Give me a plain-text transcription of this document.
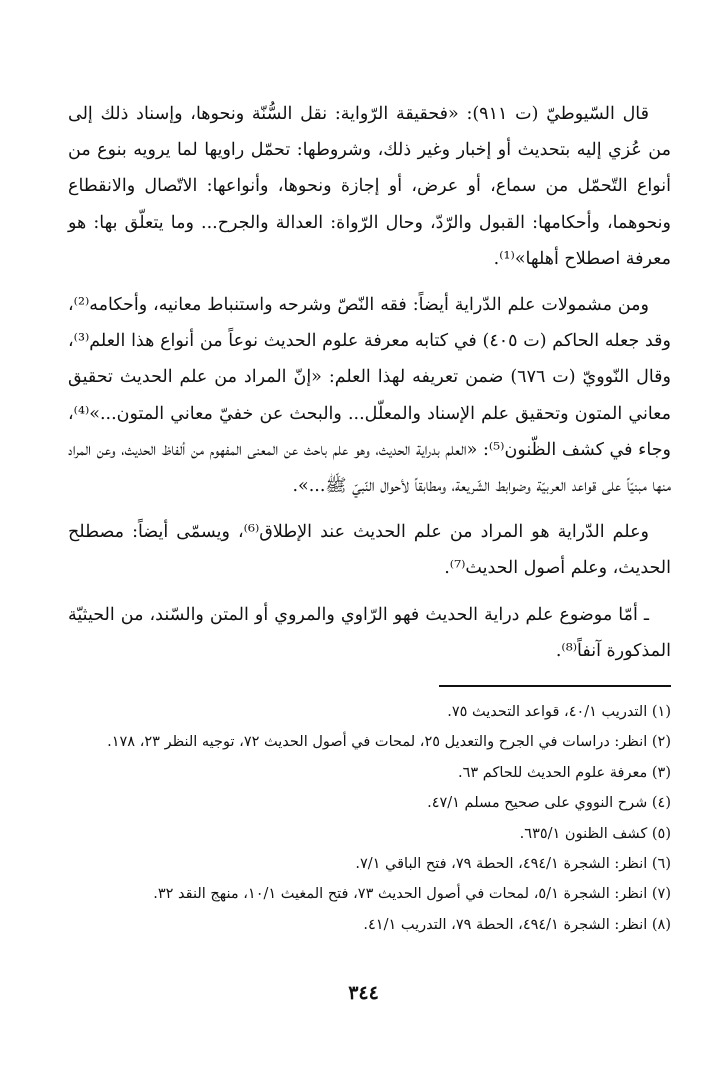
قال السّيوطيّ (ت ٩١١): «فحقيقة الرّواية: نقل السُّنّة ونحوها، وإسناد ذلك إلى من عُزي إليه بتحديث أو إخبار وغير ذلك، وشروطها: تحمّل راويها لما يرويه بنوع من أنواع التّحمّل من سماع، أو عرض، أو إجازة ونحوها، وأنواعها: الاتّصال والانقطاع ونحوهما، وأحكامها: القبول والرّدّ، وحال الرّواة: العدالة والجرح... وما يتعلّق بها: هو معرفة اصطلاح أهلها»⁽¹⁾.

ومن مشمولات علم الدّراية أيضاً: فقه النّصّ وشرحه واستنباط معانيه، وأحكامه⁽²⁾، وقد جعله الحاكم (ت ٤٠٥) في كتابه معرفة علوم الحديث نوعاً من أنواع هذا العلم⁽³⁾، وقال النّوويّ (ت ٦٧٦) ضمن تعريفه لهذا العلم: «إنّ المراد من علم الحديث تحقيق معاني المتون وتحقيق علم الإسناد والمعلّل... والبحث عن خفيّ معاني المتون...»⁽⁴⁾، وجاء في كشف الظّنون⁽⁵⁾: «العلم بدراية الحديث، وهو علم باحث عن المعنى المفهوم من ألفاظ الحديث، وعن المراد منها مبنيّاً على قواعد العربيّة وضوابط الشّريعة، ومطابقاً لأحوال النّبيّ ﷺ...».

وعلم الدّراية هو المراد من علم الحديث عند الإطلاق⁽⁶⁾، ويسمّى أيضاً: مصطلح الحديث، وعلم أصول الحديث⁽⁷⁾.

ـ أمّا موضوع علم دراية الحديث فهو الرّاوي والمروي أو المتن والسّند، من الحيثيّة المذكورة آنفاً⁽⁸⁾.

(١) التدريب ٤٠/١، قواعد التحديث ٧٥.

(٢) انظر: دراسات في الجرح والتعديل ٢٥، لمحات في أصول الحديث ٧٢، توجيه النظر ٢٣، ١٧٨.

(٣) معرفة علوم الحديث للحاكم ٦٣.

(٤) شرح النووي على صحيح مسلم ٤٧/١.

(٥) كشف الظنون ٦٣٥/١.

(٦) انظر: الشجرة ٤٩٤/١، الحطة ٧٩، فتح الباقي ٧/١.

(٧) انظر: الشجرة ٥/١، لمحات في أصول الحديث ٧٣، فتح المغيث ١٠/١، منهج النقد ٣٢.

(٨) انظر: الشجرة ٤٩٤/١، الحطة ٧٩، التدريب ٤١/١.

٣٤٤
